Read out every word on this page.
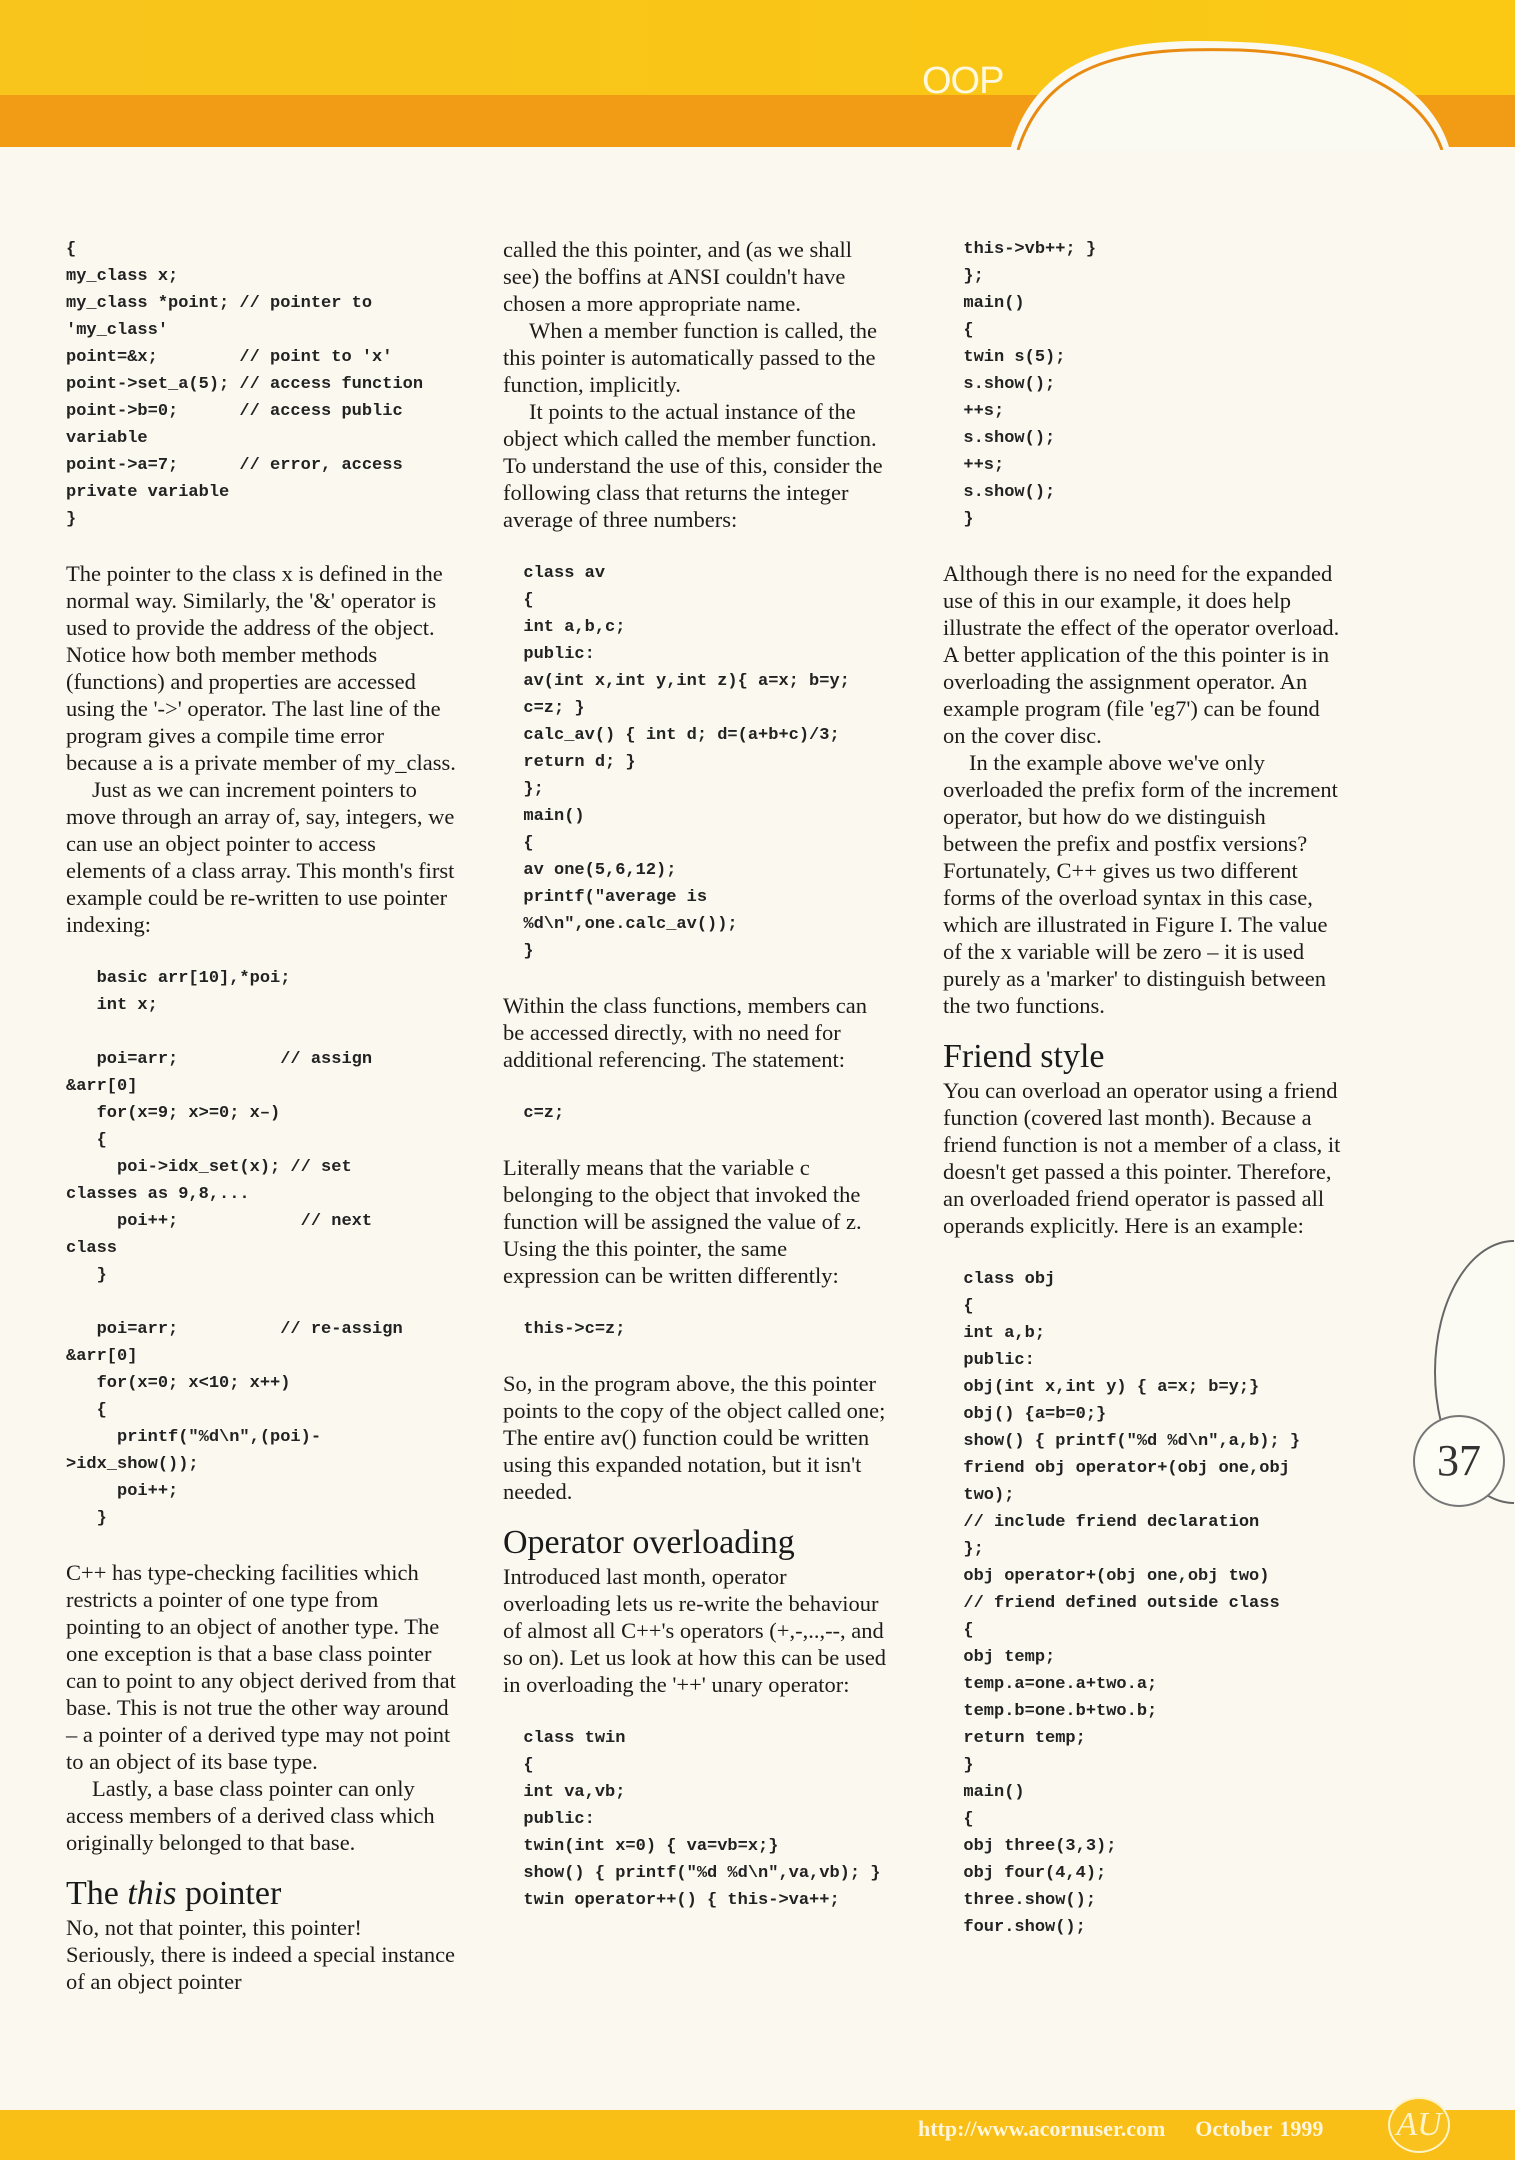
OOP
{
my_class x;
my_class *point; // pointer to
'my_class'
point=&x;        // point to 'x'
point->set_a(5); // access function
point->b=0;      // access public
variable
point->a=7;      // error, access
private variable
}

The pointer to the class x is defined in the normal way. Similarly, the '&' operator is used to provide the address of the object. Notice how both member methods (functions) and properties are accessed using the '->' operator. The last line of the program gives a compile time error because a is a private member of my_class.

Just as we can increment pointers to move through an array of, say, integers, we can use an object pointer to access elements of a class array. This month's first example could be re-written to use pointer indexing:

basic arr[10],*poi;
int x;
poi=arr;          // assign
&arr[0]
for(x=9; x>=0; x–)
{
poi->idx_set(x); // set
classes as 9,8,...
poi++;            // next
class
}
poi=arr;          // re-assign
&arr[0]
for(x=0; x<10; x++)
{
printf("%d\n",(poi)-
>idx_show());
poi++;
}

C++ has type-checking facilities which restricts a pointer of one type from pointing to an object of another type. The one exception is that a base class pointer can to point to any object derived from that base. This is not true the other way around – a pointer of a derived type may not point to an object of its base type.

Lastly, a base class pointer can only access members of a derived class which originally belonged to that base.

The this pointer

No, not that pointer, this pointer! Seriously, there is indeed a special instance of an object pointer

called the this pointer, and (as we shall see) the boffins at ANSI couldn't have chosen a more appropriate name.

When a member function is called, the this pointer is automatically passed to the function, implicitly.

It points to the actual instance of the object which called the member function. To understand the use of this, consider the following class that returns the integer average of three numbers:

class av
{
int a,b,c;
public:
av(int x,int y,int z){ a=x; b=y;
c=z; }
calc_av() { int d; d=(a+b+c)/3;
return d; }
};
main()
{
av one(5,6,12);
printf("average is
%d\n",one.calc_av());
}

Within the class functions, members can be accessed directly, with no need for additional referencing. The statement:

c=z;

Literally means that the variable c belonging to the object that invoked the function will be assigned the value of z. Using the this pointer, the same expression can be written differently:

this->c=z;

So, in the program above, the this pointer points to the copy of the object called one; The entire av() function could be written using this expanded notation, but it isn't needed.

Operator overloading

Introduced last month, operator overloading lets us re-write the behaviour of almost all C++'s operators (+,-,..,--, and so on). Let us look at how this can be used in overloading the '++' unary operator:

class twin
{
int va,vb;
public:
twin(int x=0) { va=vb=x;}
show() { printf("%d %d\n",va,vb); }
twin operator++() { this->va++;
this->vb++; }
};
main()
{
twin s(5);
s.show();
++s;
s.show();
++s;
s.show();
}

Although there is no need for the expanded use of this in our example, it does help illustrate the effect of the operator overload. A better application of the this pointer is in overloading the assignment operator. An example program (file 'eg7') can be found on the cover disc.

In the example above we've only overloaded the prefix form of the increment operator, but how do we distinguish between the prefix and postfix versions? Fortunately, C++ gives us two different forms of the overload syntax in this case, which are illustrated in Figure I. The value of the x variable will be zero – it is used purely as a 'marker' to distinguish between the two functions.

Friend style

You can overload an operator using a friend function (covered last month). Because a friend function is not a member of a class, it doesn't get passed a this pointer. Therefore, an overloaded friend operator is passed all operands explicitly. Here is an example:

class obj
{
int a,b;
public:
obj(int x,int y) { a=x; b=y;}
obj() {a=b=0;}
show() { printf("%d %d\n",a,b); }
friend obj operator+(obj one,obj
two);
// include friend declaration
};
obj operator+(obj one,obj two)
// friend defined outside class
{
obj temp;
temp.a=one.a+two.a;
temp.b=one.b+two.b;
return temp;
}
main()
{
obj three(3,3);
obj four(4,4);
three.show();
four.show();
37
http://www.acornuser.com October 1999 AU
